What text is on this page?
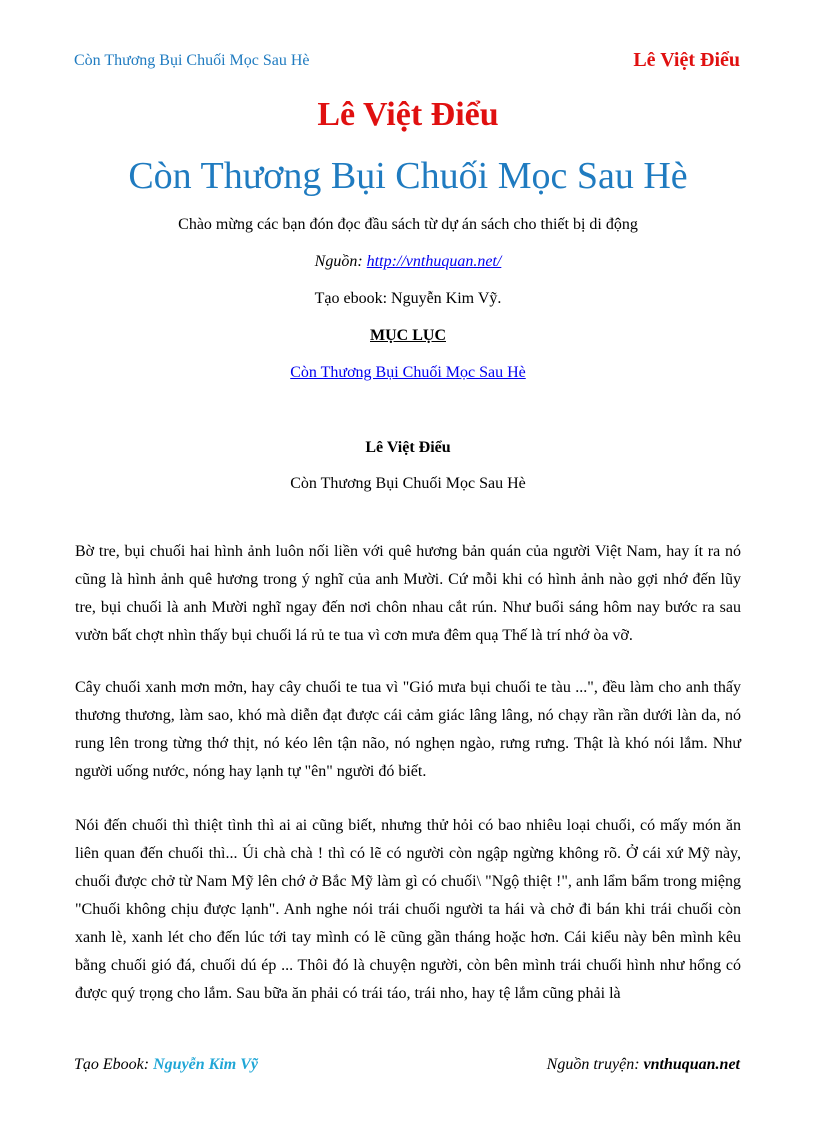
Còn Thương Bụi Chuối Mọc Sau Hè	Lê Việt Điểu
Lê Việt Điểu
Còn Thương Bụi Chuối Mọc Sau Hè
Chào mừng các bạn đón đọc đầu sách từ dự án sách cho thiết bị di động
Nguồn: http://vnthuquan.net/
Tạo ebook: Nguyễn Kim Vỹ.
MỤC LỤC
Còn Thương Bụi Chuối Mọc Sau Hè
Lê Việt Điểu
Còn Thương Bụi Chuối Mọc Sau Hè

Bờ tre, bụi chuối hai hình ảnh luôn nối liền với quê hương bản quán của người Việt Nam, hay ít ra nó cũng là hình ảnh quê hương trong ý nghĩ của anh Mười. Cứ mỗi khi có hình ảnh nào gợi nhớ đến lũy tre, bụi chuối là anh Mười nghĩ ngay đến nơi chôn nhau cắt rún. Như buổi sáng hôm nay bước ra sau vườn bất chợt nhìn thấy bụi chuối lá rủ te tua vì cơn mưa đêm quạ Thế là trí nhớ òa vỡ.

Cây chuối xanh mơn mởn, hay cây chuối te tua vì "Gió mưa bụi chuối te tàu ...", đều làm cho anh thấy thương thương, làm sao, khó mà diễn đạt được cái cảm giác lâng lâng, nó chạy rần rần dưới làn da, nó rung lên trong từng thớ thịt, nó kéo lên tận não, nó nghẹn ngào, rưng rưng. Thật là khó nói lắm. Như người uống nước, nóng hay lạnh tự "ên" người đó biết.

Nói đến chuối thì thiệt tình thì ai ai cũng biết, nhưng thử hỏi có bao nhiêu loại chuối, có mấy món ăn liên quan đến chuối thì... Úi chà chà ! thì có lẽ có người còn ngập ngừng không rõ. Ở cái xứ Mỹ này, chuối được chở từ Nam Mỹ lên chớ ở Bắc Mỹ làm gì có chuối\ "Ngộ thiệt !", anh lẩm bẩm trong miệng "Chuối không chịu được lạnh". Anh nghe nói trái chuối người ta hái và chở đi bán khi trái chuối còn xanh lè, xanh lét cho đến lúc tới tay mình có lẽ cũng gần tháng hoặc hơn. Cái kiểu này bên mình kêu bằng chuối gió đá, chuối dú ép ... Thôi đó là chuyện người, còn bên mình trái chuối hình như hổng có được quý trọng cho lắm. Sau bữa ăn phải có trái táo, trái nho, hay tệ lắm cũng phải là

Tạo Ebook: Nguyễn Kim Vỹ	Nguồn truyện: vnthuquan.net
